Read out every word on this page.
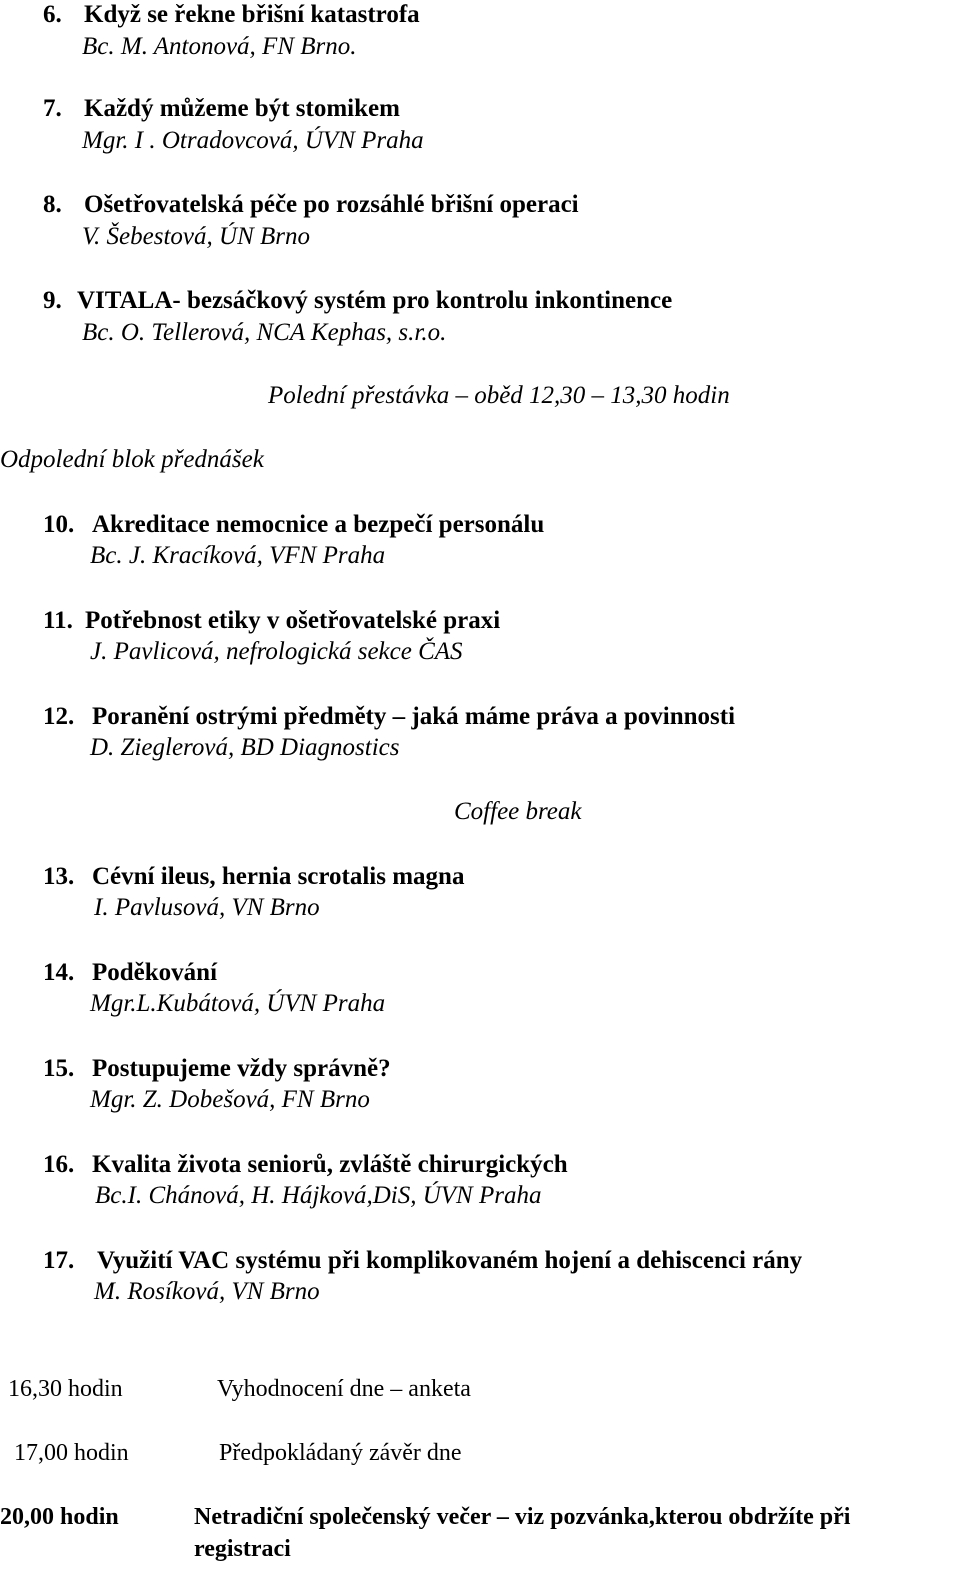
6. Když se řekne břišní katastrofa
Bc. M. Antonová, FN Brno.
7. Každý můžeme být stomikem
Mgr. I . Otradovcová, ÚVN Praha
8. Ošetřovatelská péče po rozsáhlé břišní operaci
V. Šebestová, ÚN Brno
9. VITALA- bezsáčkový systém pro kontrolu inkontinence
Bc. O. Tellerová, NCA Kephas, s.r.o.
Polední přestávka – oběd 12,30 – 13,30 hodin
Odpolední blok přednášek
10. Akreditace nemocnice a bezpečí personálu
Bc. J. Kracíková, VFN Praha
11. Potřebnost etiky v ošetřovatelské praxi
J. Pavlicová, nefrologická sekce ČAS
12. Poranění ostrými předměty – jaká máme práva a povinnosti
D. Zieglerová, BD Diagnostics
Coffee break
13. Cévní ileus, hernia scrotalis magna
I. Pavlusová, VN Brno
14. Poděkování
Mgr.L.Kubátová, ÚVN Praha
15. Postupujeme vždy správně?
Mgr. Z. Dobešová, FN Brno
16. Kvalita života seniorů, zvláště chirurgických
Bc.I. Chánová, H. Hájková,DiS, ÚVN Praha
17. Využití VAC systému při komplikovaném hojení a dehiscenci rány
M. Rosíková, VN Brno
16,30 hodin	Vyhodnocení dne – anketa
17,00 hodin	Předpokládaný závěr dne
20,00 hodin	Netradiční společenský večer – viz pozvánka,kterou obdržíte při
registraci
